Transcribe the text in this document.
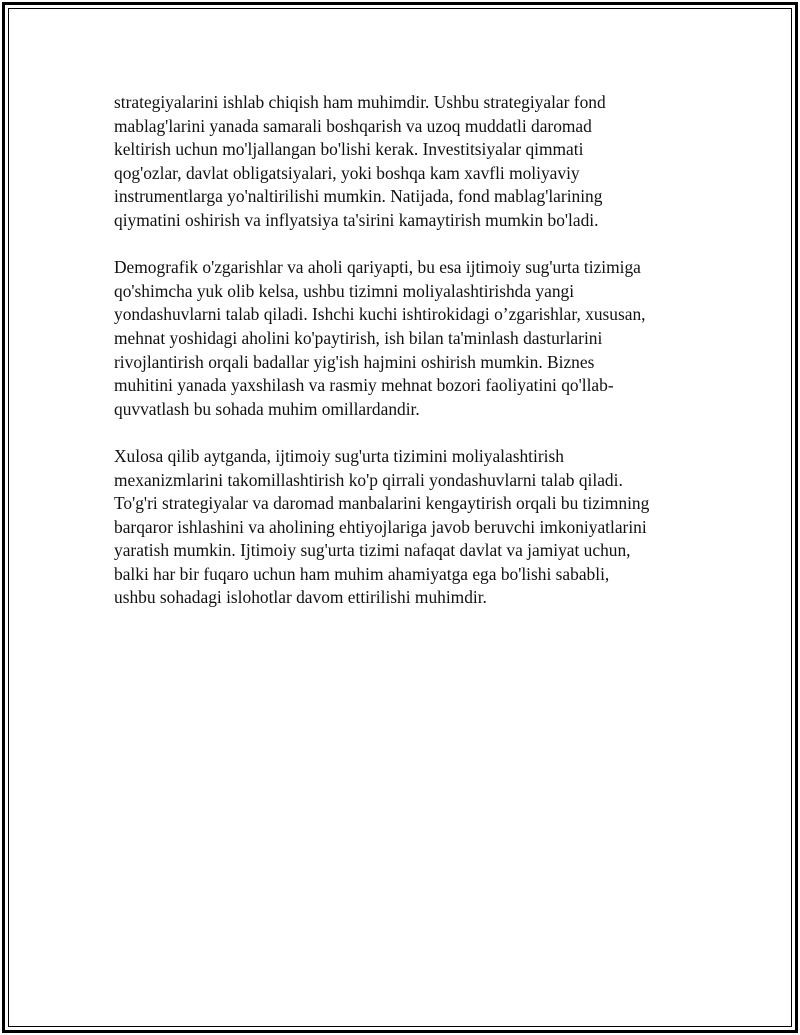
strategiyalarini ishlab chiqish ham muhimdir. Ushbu strategiyalar fond
mablag'larini yanada samarali boshqarish va uzoq muddatli daromad
keltirish uchun mo'ljallangan bo'lishi kerak. Investitsiyalar qimmati
qog'ozlar, davlat obligatsiyalari, yoki boshqa kam xavfli moliyaviy
instrumentlarga yo'naltirilishi mumkin. Natijada, fond mablag'larining
qiymatini oshirish va inflyatsiya ta'sirini kamaytirish mumkin bo'ladi.

Demografik o'zgarishlar va aholi qariyapti, bu esa ijtimoiy sug'urta tizimiga
qo'shimcha yuk olib kelsa, ushbu tizimni moliyalashtirishda yangi
yondashuvlarni talab qiladi. Ishchi kuchi ishtirokidagi o’zgarishlar, xususan,
mehnat yoshidagi aholini ko'paytirish, ish bilan ta'minlash dasturlarini
rivojlantirish orqali badallar yig'ish hajmini oshirish mumkin. Biznes
muhitini yanada yaxshilash va rasmiy mehnat bozori faoliyatini qo'llab-
quvvatlash bu sohada muhim omillardandir.

Xulosa qilib aytganda, ijtimoiy sug'urta tizimini moliyalashtirish
mexanizmlarini takomillashtirish ko'p qirrali yondashuvlarni talab qiladi.
To'g'ri strategiyalar va daromad manbalarini kengaytirish orqali bu tizimning
barqaror ishlashini va aholining ehtiyojlariga javob beruvchi imkoniyatlarini
yaratish mumkin. Ijtimoiy sug'urta tizimi nafaqat davlat va jamiyat uchun,
balki har bir fuqaro uchun ham muhim ahamiyatga ega bo'lishi sababli,
ushbu sohadagi islohotlar davom ettirilishi muhimdir.
